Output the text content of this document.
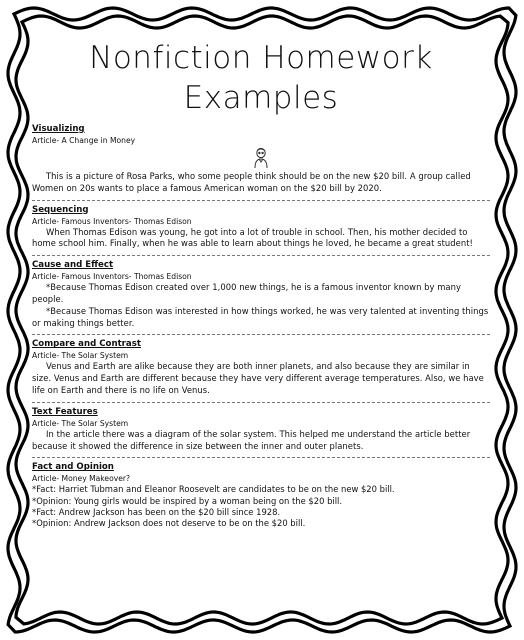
Nonfiction Homework Examples
Visualizing
Article- A Change in Money

This is a picture of Rosa Parks, who some people think should be on the new $20 bill. A group called Women on 20s wants to place a famous American woman on the $20 bill by 2020.

Sequencing
Article- Famous Inventors- Thomas Edison

When Thomas Edison was young, he got into a lot of trouble in school. Then, his mother decided to home school him. Finally, when he was able to learn about things he loved, he became a great student!

Cause and Effect
Article- Famous Inventors- Thomas Edison

*Because Thomas Edison created over 1,000 new things, he is a famous inventor known by many people.

*Because Thomas Edison was interested in how things worked, he was very talented at inventing things or making things better.

Compare and Contrast
Article- The Solar System

Venus and Earth are alike because they are both inner planets, and also because they are similar in size. Venus and Earth are different because they have very different average temperatures. Also, we have life on Earth and there is no life on Venus.

Text Features
Article- The Solar System

In the article there was a diagram of the solar system. This helped me understand the article better because it showed the difference in size between the inner and outer planets.

Fact and Opinion
Article- Money Makeover?
*Fact: Harriet Tubman and Eleanor Roosevelt are candidates to be on the new $20 bill.
*Opinion: Young girls would be inspired by a woman being on the $20 bill.
*Fact: Andrew Jackson has been on the $20 bill since 1928.
*Opinion: Andrew Jackson does not deserve to be on the $20 bill.
